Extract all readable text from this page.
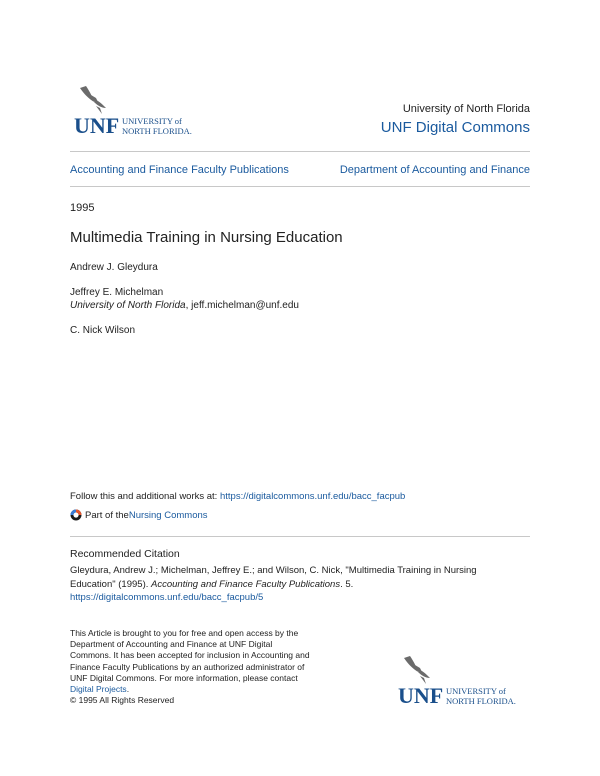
UNF UNIVERSITY of
NORTH FLORIDA.
University of North Florida
UNF Digital Commons
Accounting and Finance Faculty Publications	Department of Accounting and Finance
1995
Multimedia Training in Nursing Education
Andrew J. Gleydura
Jeffrey E. Michelman
University of North Florida, jeff.michelman@unf.edu
C. Nick Wilson
Follow this and additional works at: https://digitalcommons.unf.edu/bacc_facpub
Part of the Nursing Commons
Recommended Citation
Gleydura, Andrew J.; Michelman, Jeffrey E.; and Wilson, C. Nick, "Multimedia Training in Nursing
Education" (1995). Accounting and Finance Faculty Publications. 5.
https://digitalcommons.unf.edu/bacc_facpub/5
This Article is brought to you for free and open access by the Department of Accounting and Finance at UNF Digital Commons. It has been accepted for inclusion in Accounting and Finance Faculty Publications by an authorized administrator of UNF Digital Commons. For more information, please contact Digital Projects.
© 1995 All Rights Reserved	UNF UNIVERSITY of
NORTH FLORIDA.
